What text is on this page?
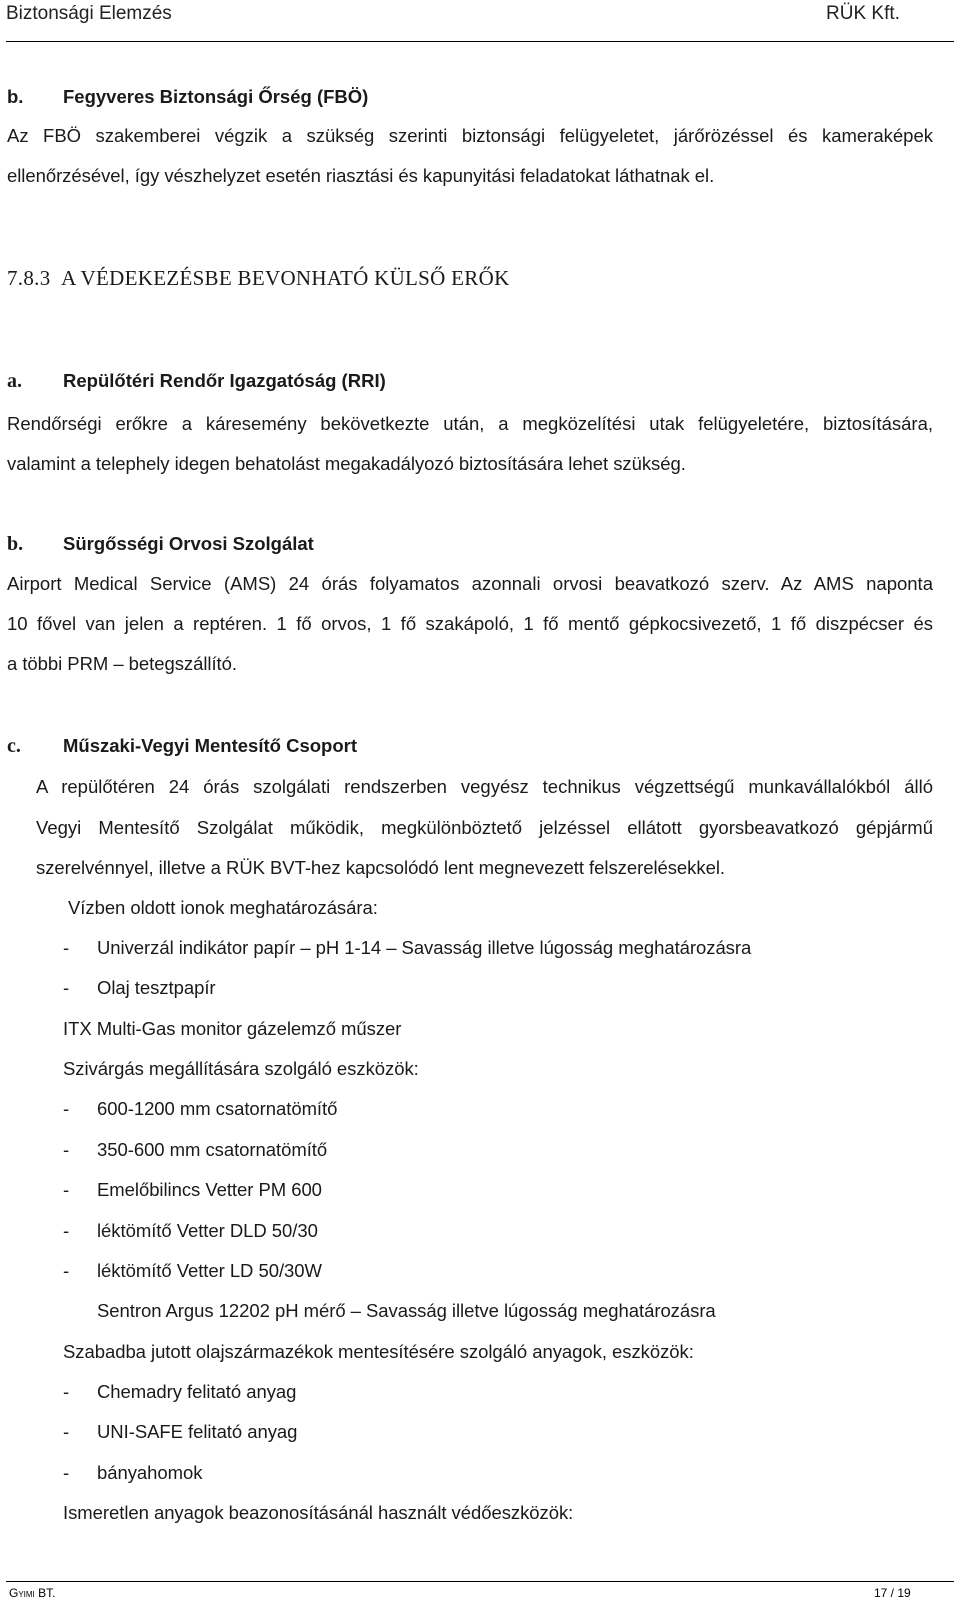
Biztonsági Elemzés	RÜK Kft.
b. Fegyveres Biztonsági Őrség (FBÖ)
Az FBÖ szakemberei végzik a szükség szerinti biztonsági felügyeletet, járőrözéssel és kameraképek
ellenőrzésével, így vészhelyzet esetén riasztási és kapunyitási feladatokat láthatnak el.
7.8.3 A VÉDEKEZÉSBE BEVONHATÓ KÜLSŐ ERŐK
a. Repülőtéri Rendőr Igazgatóság (RRI)
Rendőrségi erőkre a káresemény bekövetkezte után, a megközelítési utak felügyeletére, biztosítására,
valamint a telephely idegen behatolást megakadályozó biztosítására lehet szükség.
b. Sürgősségi Orvosi Szolgálat
Airport Medical Service (AMS) 24 órás folyamatos azonnali orvosi beavatkozó szerv. Az AMS naponta
10 fővel van jelen a reptéren. 1 fő orvos, 1 fő szakápoló, 1 fő mentő gépkocsivezető, 1 fő diszpécser és
a többi PRM – betegszállító.
c. Műszaki-Vegyi Mentesítő Csoport
A repülőtéren 24 órás szolgálati rendszerben vegyész technikus végzettségű munkavállalókból álló
Vegyi Mentesítő Szolgálat működik, megkülönböztető jelzéssel ellátott gyorsbeavatkozó gépjármű
szerelvénnyel, illetve a RÜK BVT-hez kapcsolódó lent megnevezett felszerelésekkel.
Vízben oldott ionok meghatározására:
- Univerzál indikátor papír – pH 1-14 – Savasság illetve lúgosság meghatározásra
- Olaj tesztpapír
ITX Multi-Gas monitor gázelemző műszer
Szivárgás megállítására szolgáló eszközök:
- 600-1200 mm csatornatömítő
- 350-600 mm csatornatömítő
- Emelőbilincs Vetter PM 600
- léktömítő Vetter DLD 50/30
- léktömítő Vetter LD 50/30W
Sentron Argus 12202 pH mérő – Savasság illetve lúgosság meghatározásra
Szabadba jutott olajszármazékok mentesítésére szolgáló anyagok, eszközök:
- Chemadry felitató anyag
- UNI-SAFE felitató anyag
- bányahomok
Ismeretlen anyagok beazonosításánál használt védőeszközök:
Gyimi BT.	17 / 19
